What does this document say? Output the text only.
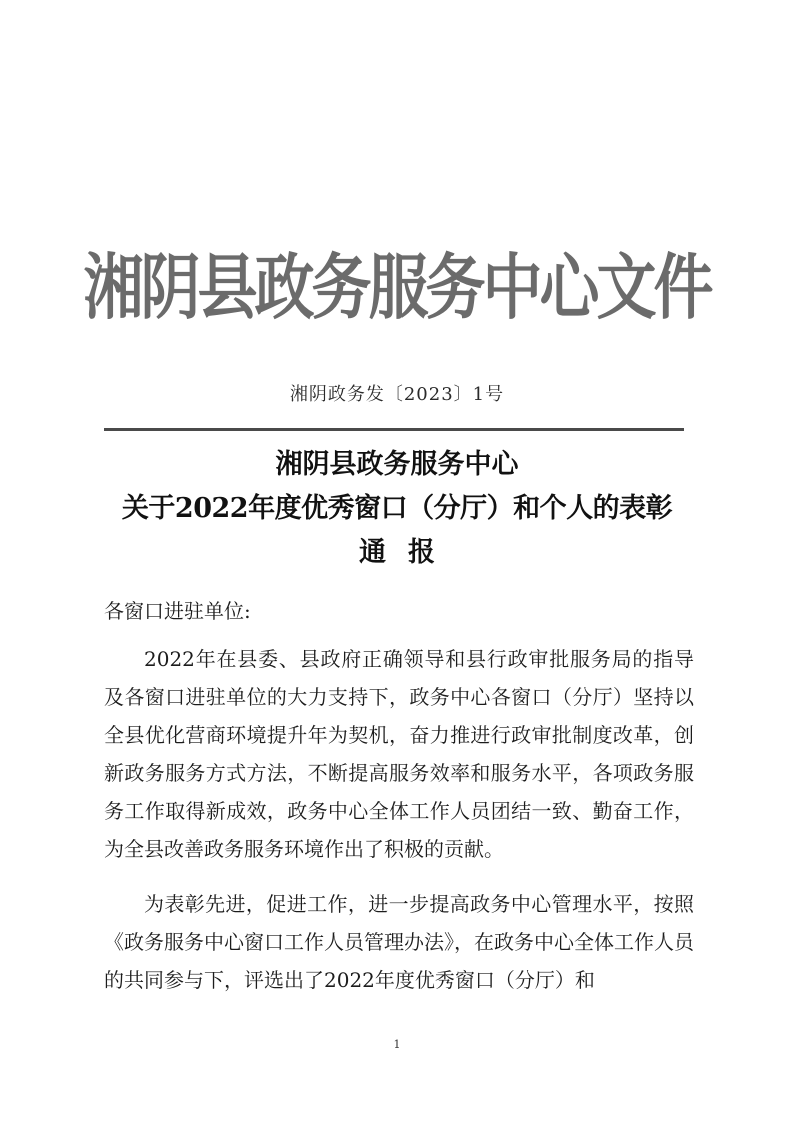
湘阴县政务服务中心文件
湘阴政务发〔2023〕1号
湘阴县政务服务中心
关于2022年度优秀窗口（分厅）和个人的表彰
通报
各窗口进驻单位:

2022年在县委、县政府正确领导和县行政审批服务局的指导及各窗口进驻单位的大力支持下，政务中心各窗口（分厅）坚持以全县优化营商环境提升年为契机，奋力推进行政审批制度改革，创新政务服务方式方法，不断提高服务效率和服务水平，各项政务服务工作取得新成效，政务中心全体工作人员团结一致、勤奋工作，为全县改善政务服务环境作出了积极的贡献。

为表彰先进，促进工作，进一步提高政务中心管理水平，按照《政务服务中心窗口工作人员管理办法》，在政务中心全体工作人员的共同参与下，评选出了2022年度优秀窗口（分厅）和

1
